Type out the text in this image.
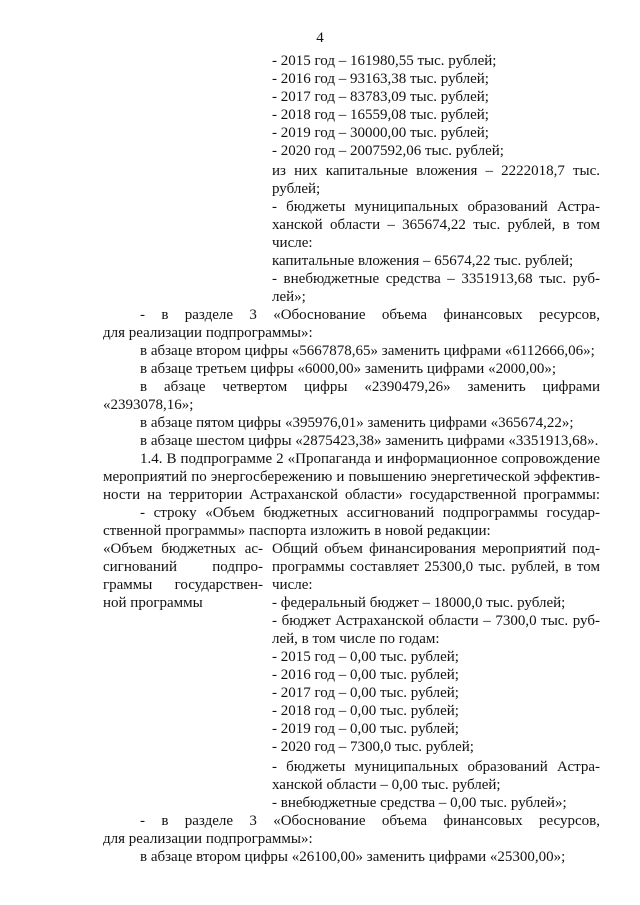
4
- 2015 год – 161980,55 тыс. рублей;
- 2016 год – 93163,38 тыс. рублей;
- 2017 год – 83783,09 тыс. рублей;
- 2018 год – 16559,08 тыс. рублей;
- 2019 год – 30000,00 тыс. рублей;
- 2020 год – 2007592,06 тыс. рублей;
из них капитальные вложения – 2222018,7 тыс.
рублей;
- бюджеты муниципальных образований Астра-
ханской области – 365674,22 тыс. рублей, в том
числе:
капитальные вложения – 65674,22 тыс. рублей;
- внебюджетные средства – 3351913,68 тыс. руб-
лей»;
- в разделе 3 «Обоснование объема финансовых ресурсов,
для реализации подпрограммы»:
в абзаце втором цифры «5667878,65» заменить цифрами «6112666,06»;
в абзаце третьем цифры «6000,00» заменить цифрами «2000,00»;
в абзаце четвертом цифры «2390479,26» заменить цифрами
«2393078,16»;
в абзаце пятом цифры «395976,01» заменить цифрами «365674,22»;
в абзаце шестом цифры «2875423,38» заменить цифрами «3351913,68».
1.4. В подпрограмме 2 «Пропаганда и информационное сопровождение
мероприятий по энергосбережению и повышению энергетической эффектив-
ности на территории Астраханской области» государственной программы:
- строку «Объем бюджетных ассигнований подпрограммы государ-
ственной программы» паспорта изложить в новой редакции:
«Объем бюджетных ас-
сигнований подпро-
граммы государствен-
ной программы
Общий объем финансирования мероприятий под-
программы составляет 25300,0 тыс. рублей, в том
числе:
- федеральный бюджет – 18000,0 тыс. рублей;
- бюджет Астраханской области – 7300,0 тыс. руб-
лей, в том числе по годам:
- 2015 год – 0,00 тыс. рублей;
- 2016 год – 0,00 тыс. рублей;
- 2017 год – 0,00 тыс. рублей;
- 2018 год – 0,00 тыс. рублей;
- 2019 год – 0,00 тыс. рублей;
- 2020 год – 7300,0 тыс. рублей;
- бюджеты муниципальных образований Астра-
ханской области – 0,00 тыс. рублей;
- внебюджетные средства – 0,00 тыс. рублей»;
- в разделе 3 «Обоснование объема финансовых ресурсов,
для реализации подпрограммы»:
в абзаце втором цифры «26100,00» заменить цифрами «25300,00»;
